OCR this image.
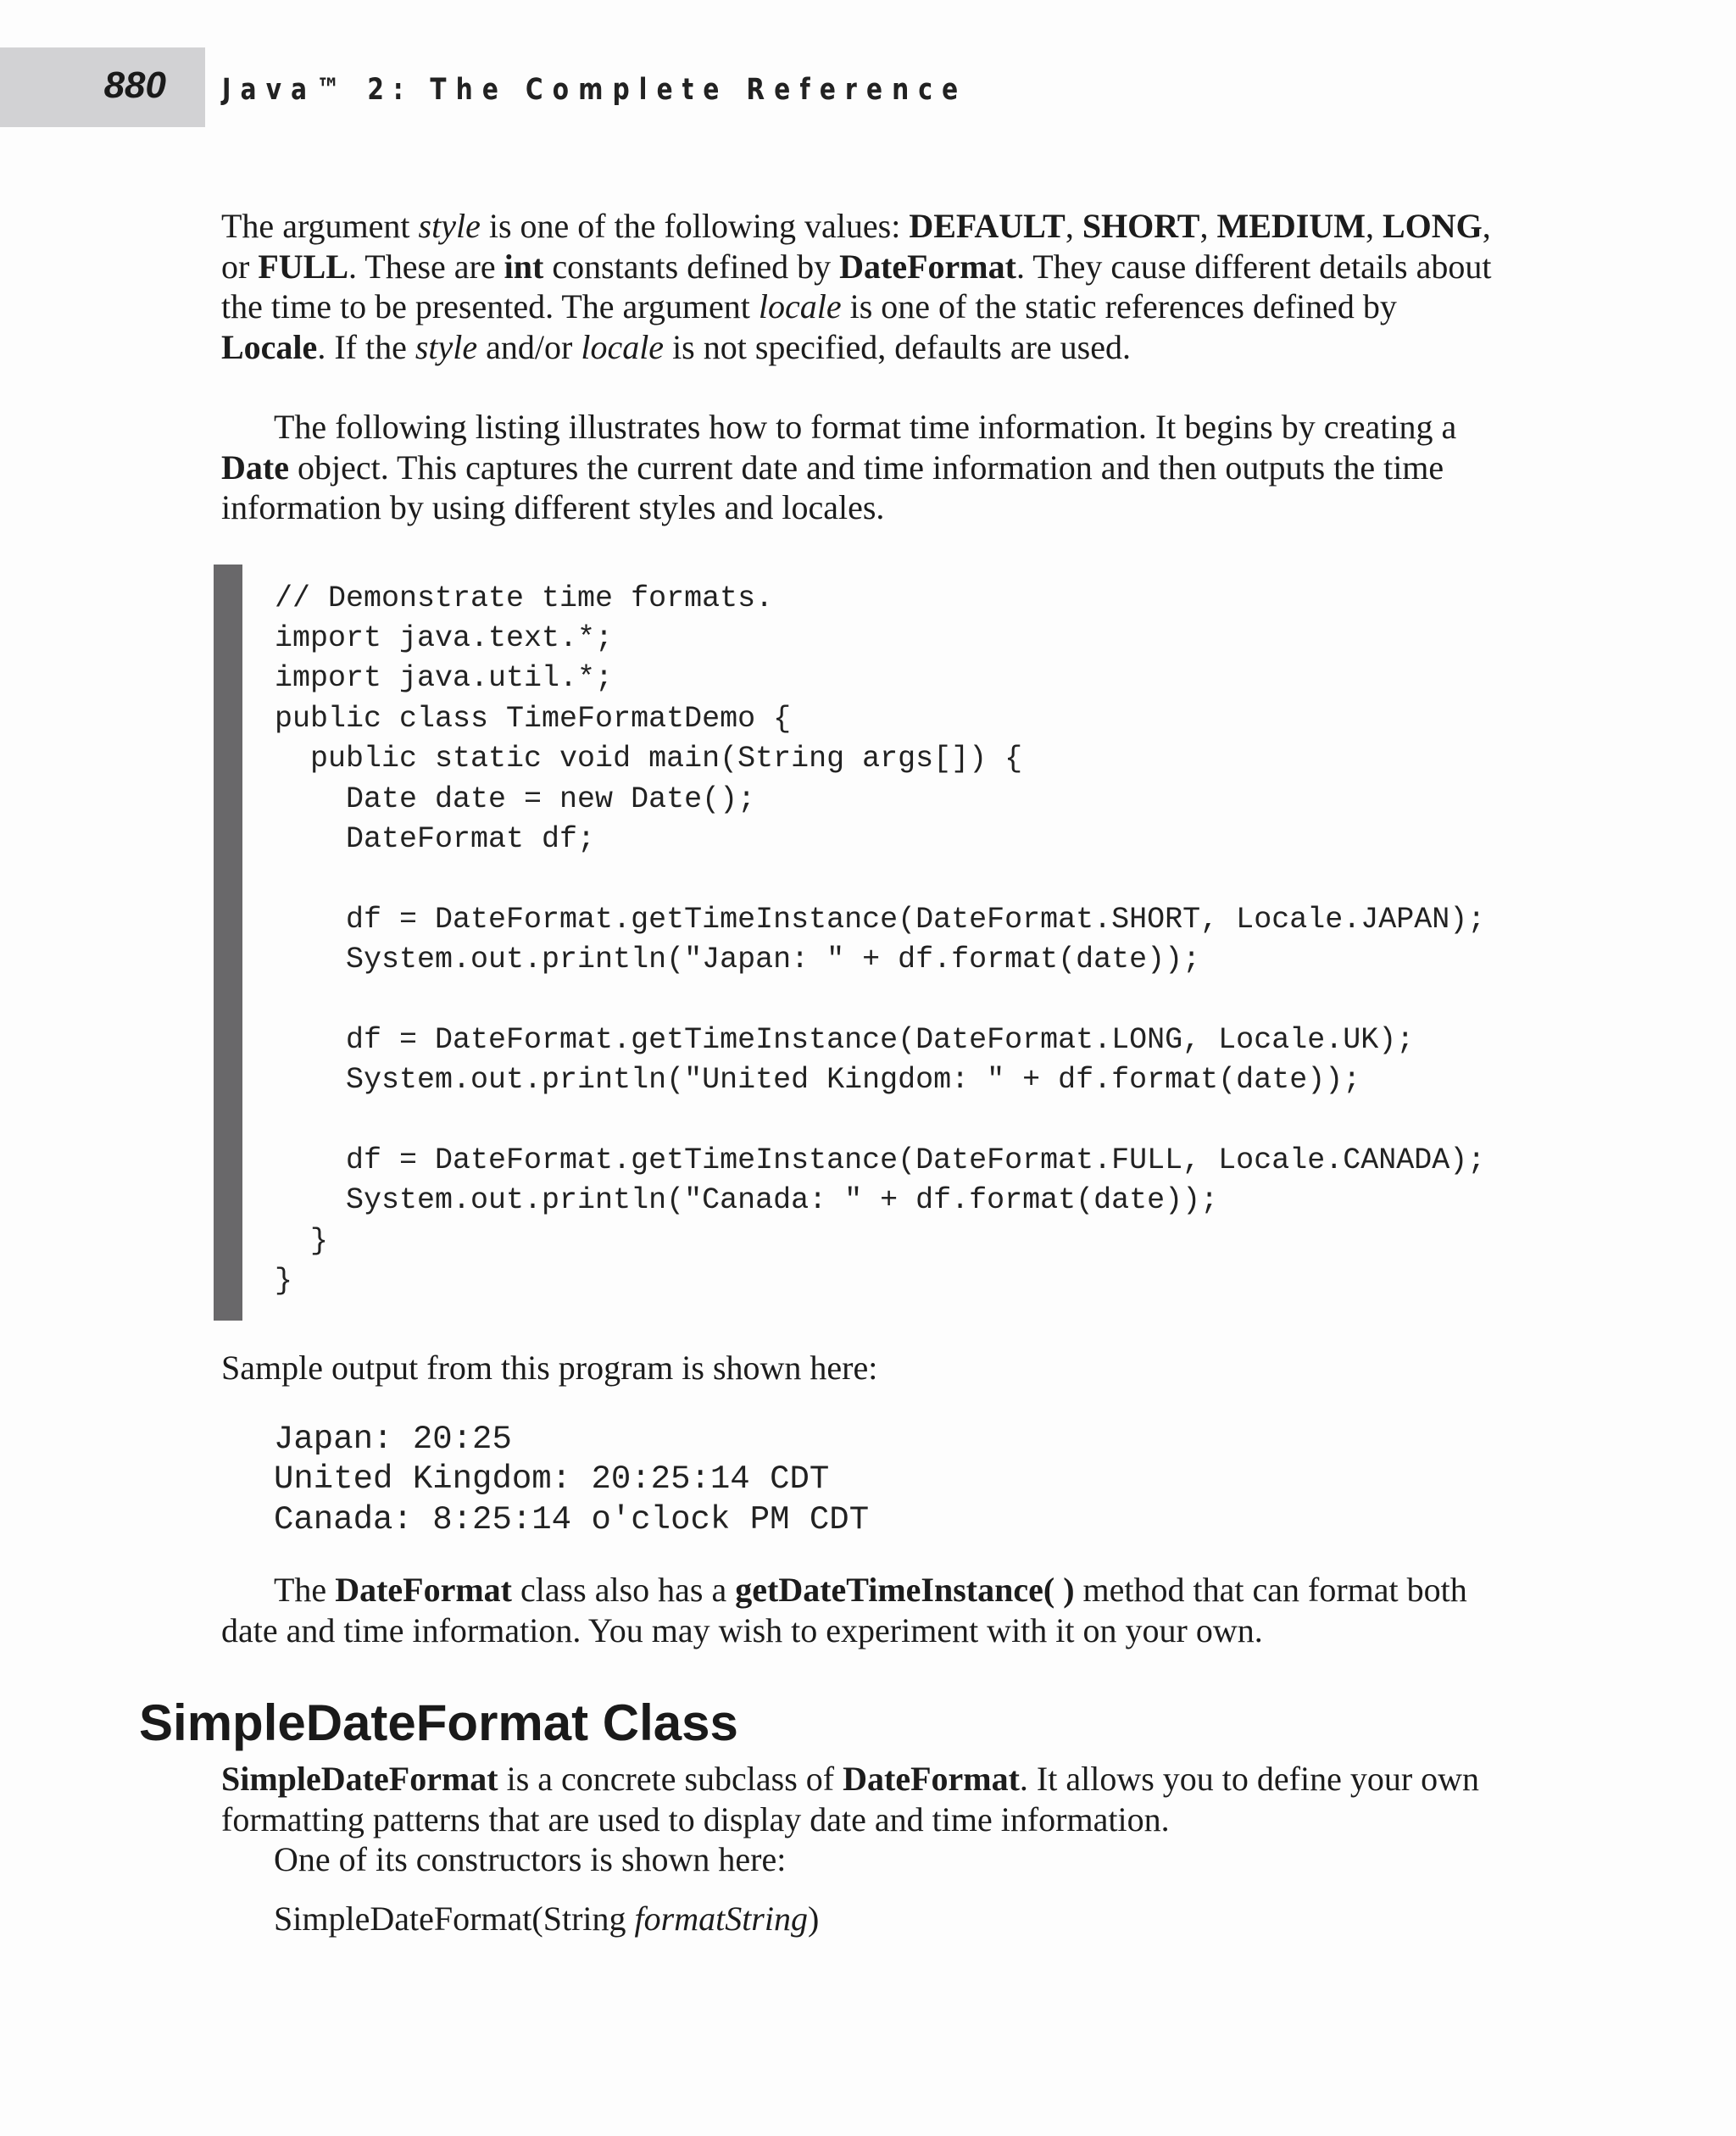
880 Java™ 2: The Complete Reference

The argument style is one of the following values: DEFAULT, SHORT, MEDIUM, LONG, or FULL. These are int constants defined by DateFormat. They cause different details about the time to be presented. The argument locale is one of the static references defined by Locale. If the style and/or locale is not specified, defaults are used.

The following listing illustrates how to format time information. It begins by creating a Date object. This captures the current date and time information and then outputs the time information by using different styles and locales.

// Demonstrate time formats.
import java.text.*;
import java.util.*;
public class TimeFormatDemo {
public static void main(String args[]) {
Date date = new Date();
DateFormat df;
df = DateFormat.getTimeInstance(DateFormat.SHORT, Locale.JAPAN);
System.out.println("Japan: " + df.format(date));
df = DateFormat.getTimeInstance(DateFormat.LONG, Locale.UK);
System.out.println("United Kingdom: " + df.format(date));
df = DateFormat.getTimeInstance(DateFormat.FULL, Locale.CANADA);
System.out.println("Canada: " + df.format(date));
}
}

Sample output from this program is shown here:

Japan: 20:25
United Kingdom: 20:25:14 CDT
Canada: 8:25:14 o'clock PM CDT

The DateFormat class also has a getDateTimeInstance( ) method that can format both date and time information. You may wish to experiment with it on your own.

SimpleDateFormat Class

SimpleDateFormat is a concrete subclass of DateFormat. It allows you to define your own formatting patterns that are used to display date and time information.

One of its constructors is shown here:

SimpleDateFormat(String formatString)
